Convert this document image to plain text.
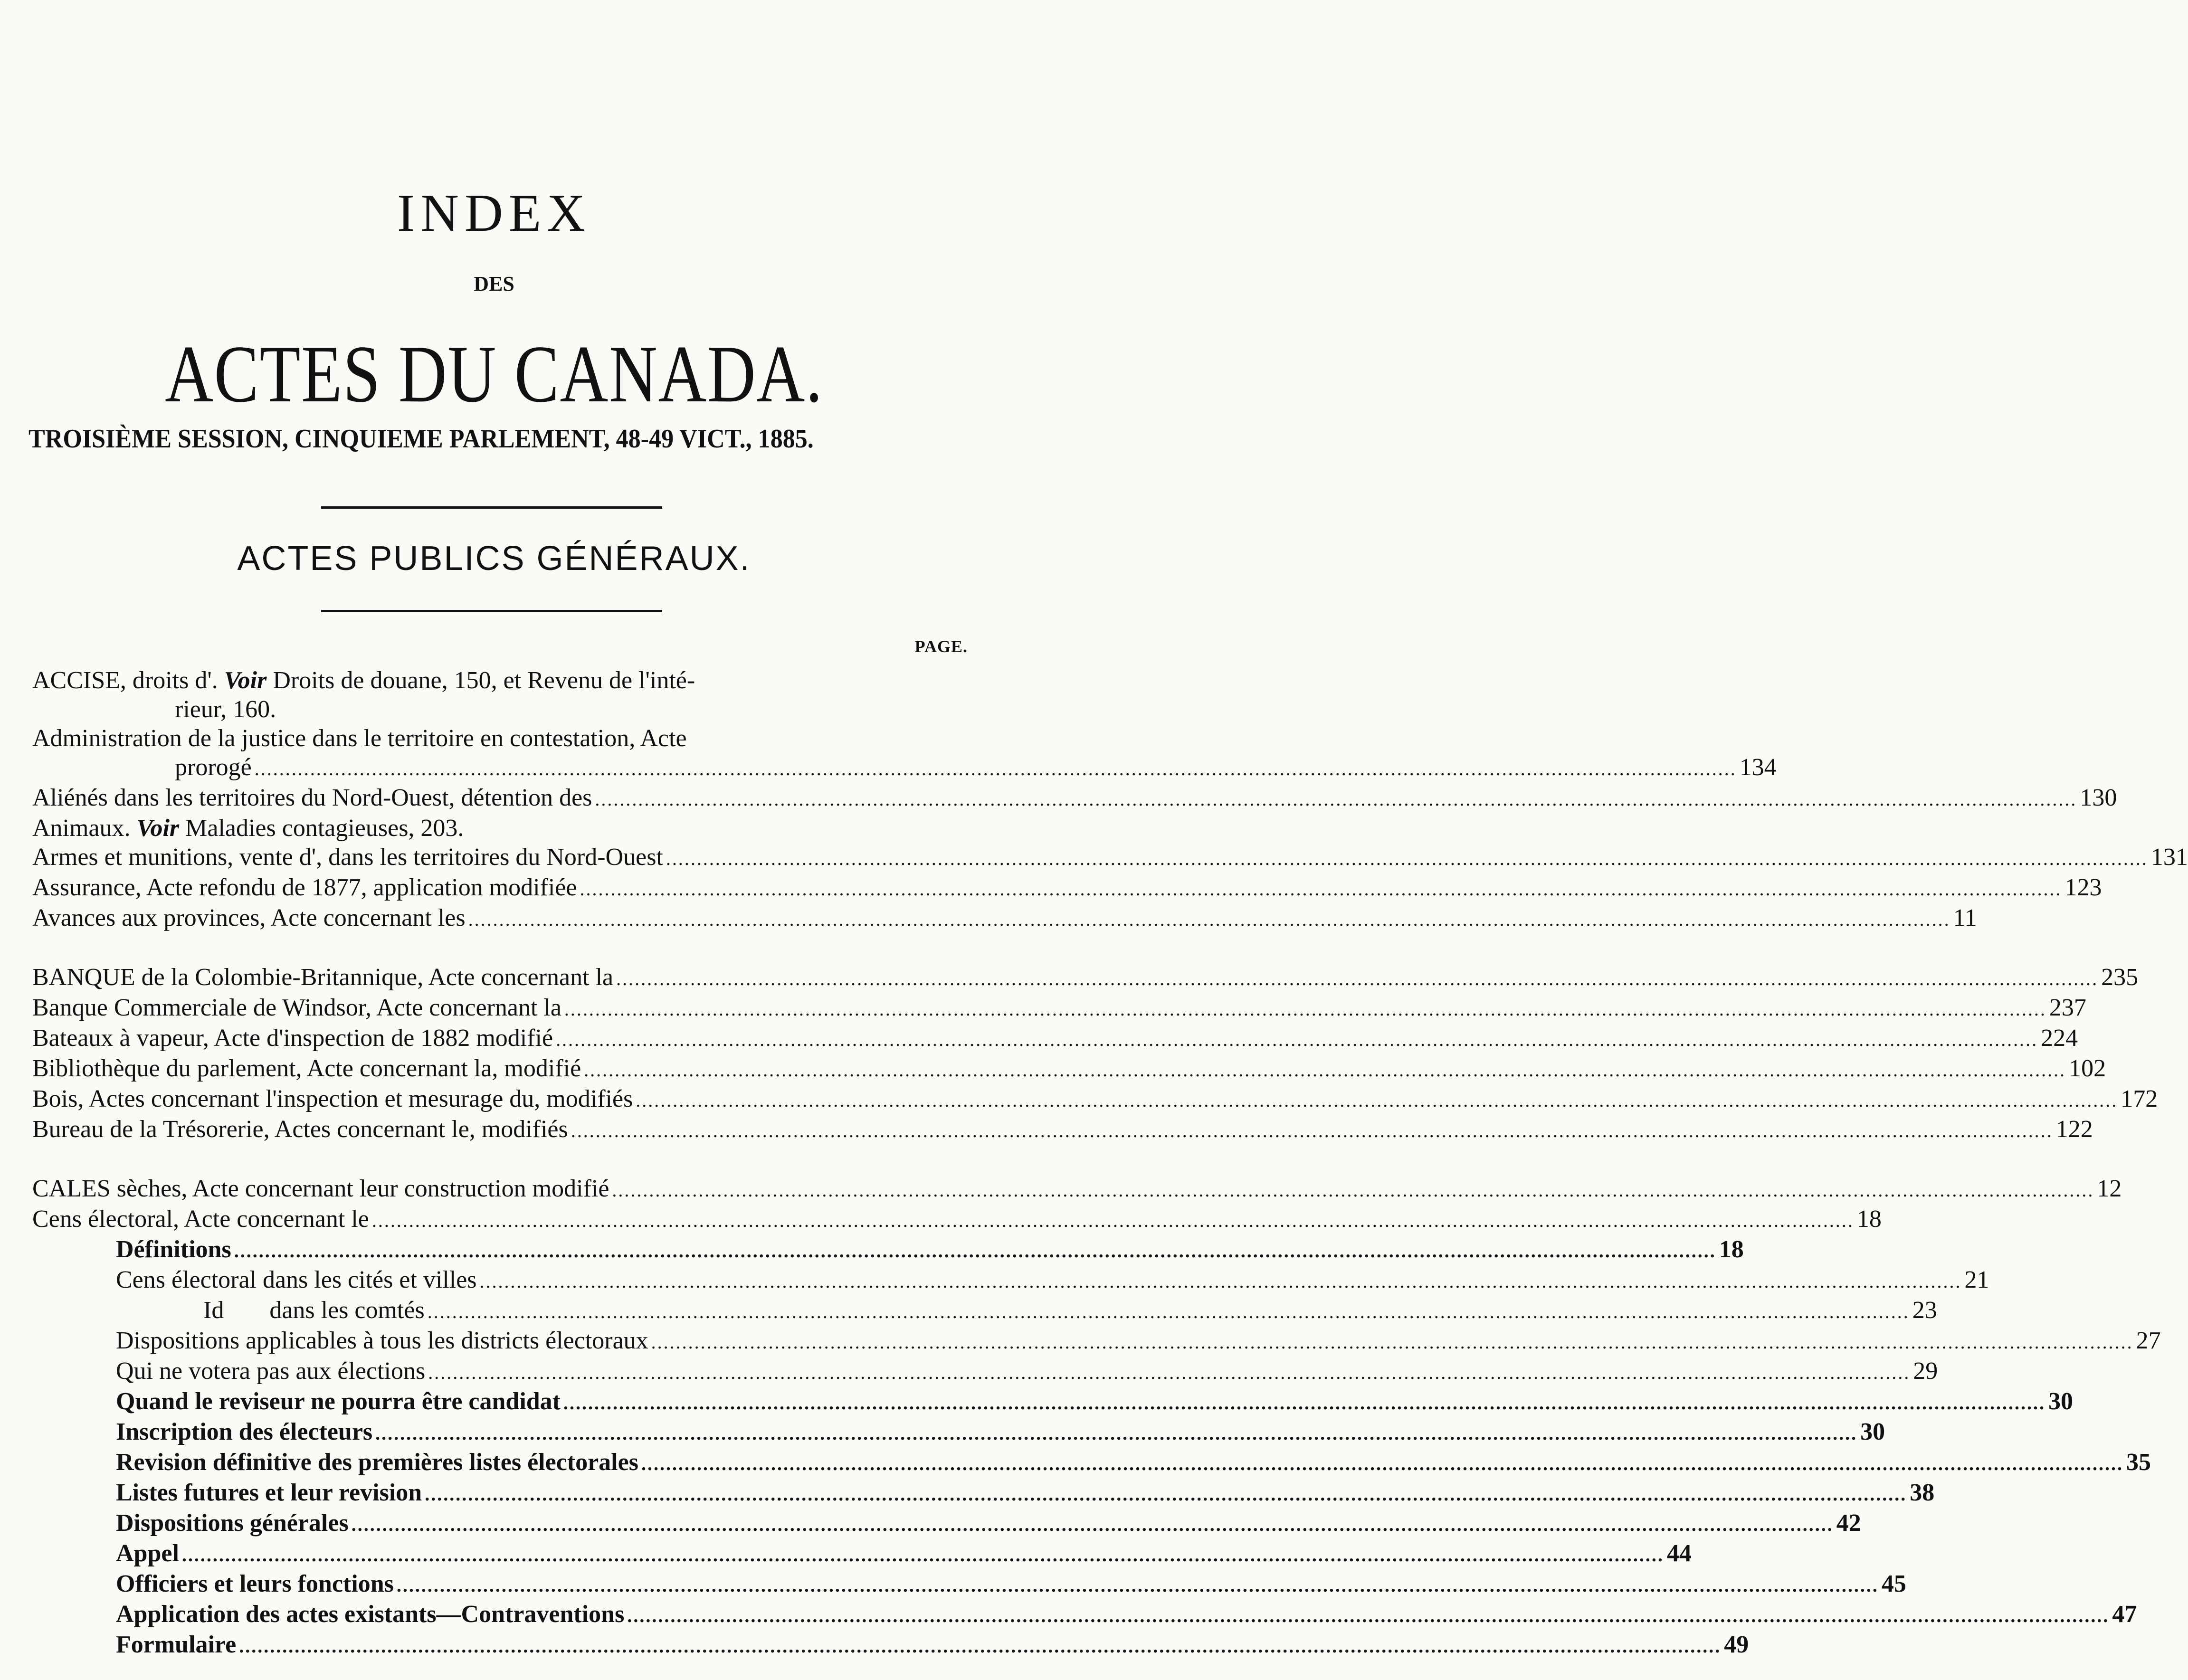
INDEX
DES
ACTES DU CANADA.
TROISIÈME SESSION, CINQUIEME PARLEMENT, 48-49 VICT., 1885.
ACTES PUBLICS GÉNÉRAUX.
PAGE.
ACCISE, droits d'. Voir Droits de douane, 150, et Revenu de l'inté-
rieur, 160.
Administration de la justice dans le territoire en contestation, Acte
prorogé .....	134
Aliénés dans les territoires du Nord-Ouest, détention des .....	130
Animaux. Voir Maladies contagieuses, 203.
Armes et munitions, vente d', dans les territoires du Nord-Ouest .....	131
Assurance, Acte refondu de 1877, application modifiée .....	123
Avances aux provinces, Acte concernant les .....	11
BANQUE de la Colombie-Britannique, Acte concernant la .....	235
Banque Commerciale de Windsor, Acte concernant la .....	237
Bateaux à vapeur, Acte d'inspection de 1882 modifié .....	224
Bibliothèque du parlement, Acte concernant la, modifié .....	102
Bois, Actes concernant l'inspection et mesurage du, modifiés .....	172
Bureau de la Trésorerie, Actes concernant le, modifiés .....	122
CALES sèches, Acte concernant leur construction modifié .....	12
Cens électoral, Acte concernant le .....	18
Définitions .....	18
Cens électoral dans les cités et villes .....	21
Id dans les comtés .....	23
Dispositions applicables à tous les districts électoraux .....	27
Qui ne votera pas aux élections .....	29
Quand le reviseur ne pourra être candidat .....	30
Inscription des électeurs .....	30
Revision définitive des premières listes électorales .....	35
Listes futures et leur revision .....	38
Dispositions générales .....	42
Appel .....	44
Officiers et leurs fonctions .....	45
Application des actes existants—Contraventions .....	47
Formulaire .....	49
